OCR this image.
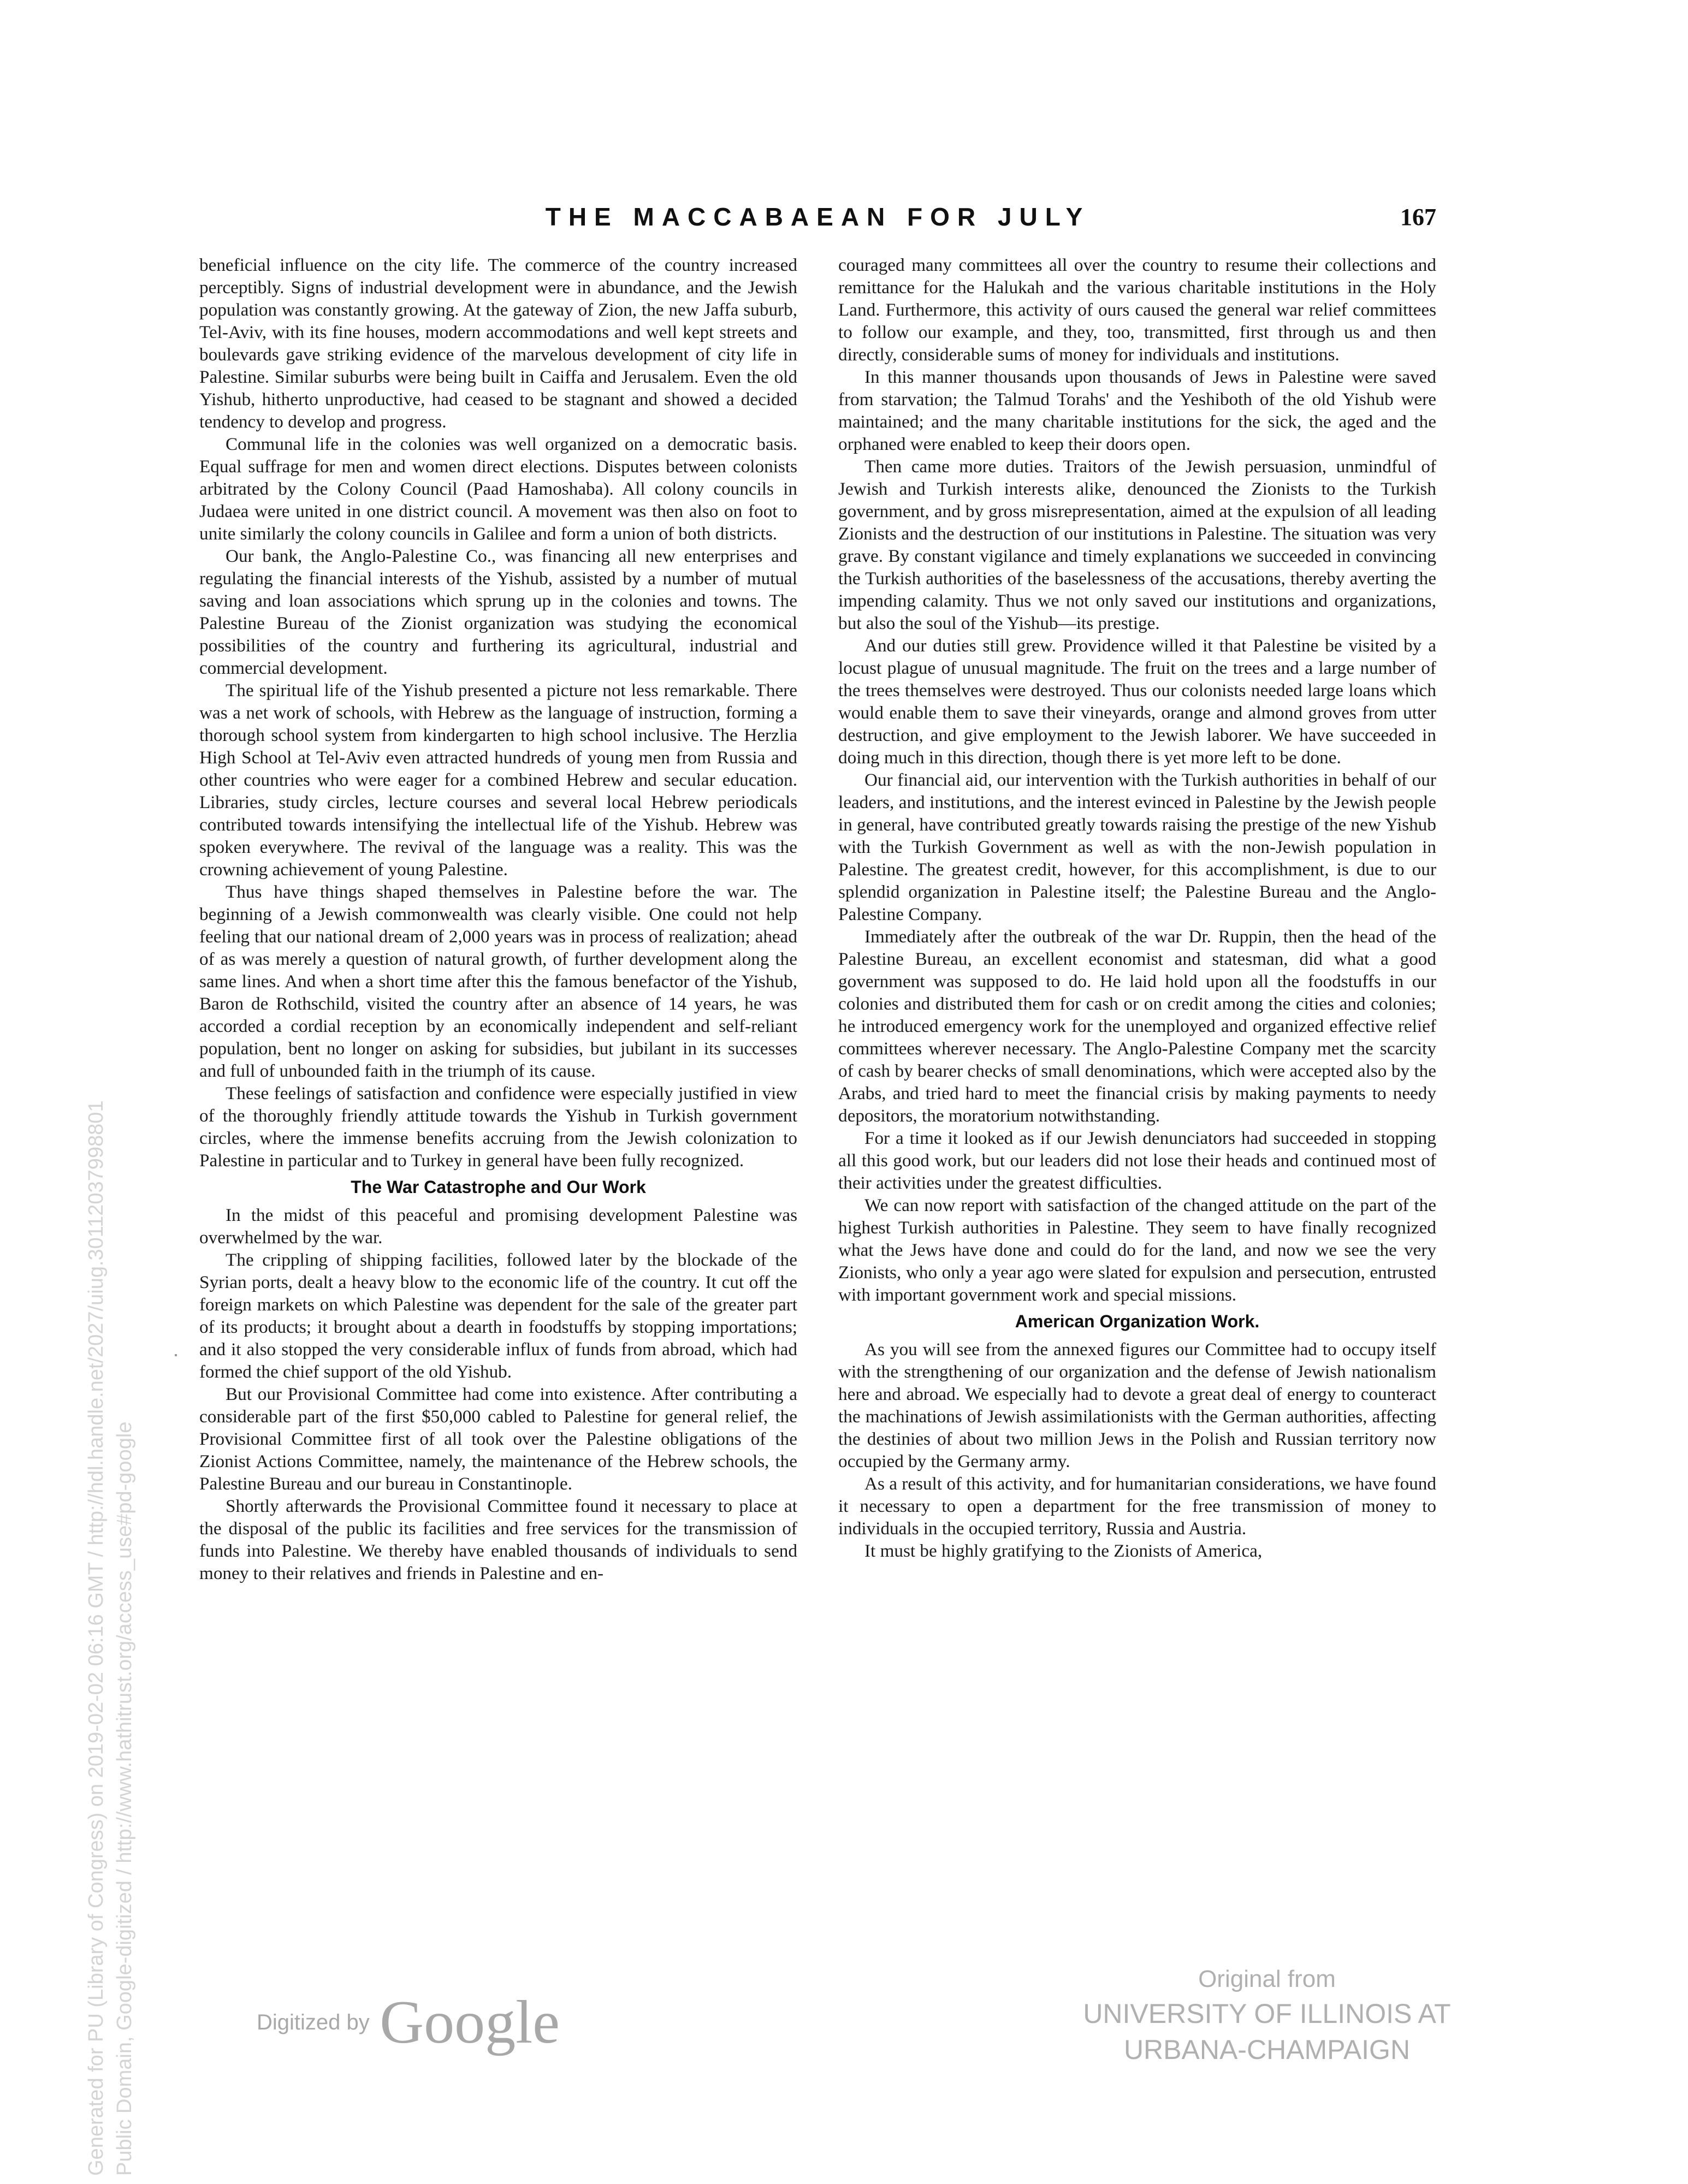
THE MACCABAEAN FOR JULY	167

beneficial influence on the city life. The commerce of the country increased perceptibly. Signs of industrial development were in abundance, and the Jewish population was constantly growing. At the gateway of Zion, the new Jaffa suburb, Tel-Aviv, with its fine houses, modern accommodations and well kept streets and boulevards gave striking evidence of the marvelous development of city life in Palestine. Similar suburbs were being built in Caiffa and Jerusalem. Even the old Yishub, hitherto unproductive, had ceased to be stagnant and showed a decided tendency to develop and progress.

Communal life in the colonies was well organized on a democratic basis. Equal suffrage for men and women direct elections. Disputes between colonists arbitrated by the Colony Council (Paad Hamoshaba). All colony councils in Judaea were united in one district council. A movement was then also on foot to unite similarly the colony councils in Galilee and form a union of both districts.

Our bank, the Anglo-Palestine Co., was financing all new enterprises and regulating the financial interests of the Yishub, assisted by a number of mutual saving and loan associations which sprung up in the colonies and towns. The Palestine Bureau of the Zionist organization was studying the economical possibilities of the country and furthering its agricultural, industrial and commercial development.

The spiritual life of the Yishub presented a picture not less remarkable. There was a net work of schools, with Hebrew as the language of instruction, forming a thorough school system from kindergarten to high school inclusive. The Herzlia High School at Tel-Aviv even attracted hundreds of young men from Russia and other countries who were eager for a combined Hebrew and secular education. Libraries, study circles, lecture courses and several local Hebrew periodicals contributed towards intensifying the intellectual life of the Yishub. Hebrew was spoken everywhere. The revival of the language was a reality. This was the crowning achievement of young Palestine.

Thus have things shaped themselves in Palestine before the war. The beginning of a Jewish commonwealth was clearly visible. One could not help feeling that our national dream of 2,000 years was in process of realization; ahead of as was merely a question of natural growth, of further development along the same lines. And when a short time after this the famous benefactor of the Yishub, Baron de Rothschild, visited the country after an absence of 14 years, he was accorded a cordial reception by an economically independent and self-reliant population, bent no longer on asking for subsidies, but jubilant in its successes and full of unbounded faith in the triumph of its cause.

These feelings of satisfaction and confidence were especially justified in view of the thoroughly friendly attitude towards the Yishub in Turkish government circles, where the immense benefits accruing from the Jewish colonization to Palestine in particular and to Turkey in general have been fully recognized.

The War Catastrophe and Our Work

In the midst of this peaceful and promising development Palestine was overwhelmed by the war.

The crippling of shipping facilities, followed later by the blockade of the Syrian ports, dealt a heavy blow to the economic life of the country. It cut off the foreign markets on which Palestine was dependent for the sale of the greater part of its products; it brought about a dearth in foodstuffs by stopping importations; and it also stopped the very considerable influx of funds from abroad, which had formed the chief support of the old Yishub.

But our Provisional Committee had come into existence. After contributing a considerable part of the first $50,000 cabled to Palestine for general relief, the Provisional Committee first of all took over the Palestine obligations of the Zionist Actions Committee, namely, the maintenance of the Hebrew schools, the Palestine Bureau and our bureau in Constantinople.

Shortly afterwards the Provisional Committee found it necessary to place at the disposal of the public its facilities and free services for the transmission of funds into Palestine. We thereby have enabled thousands of individuals to send money to their relatives and friends in Palestine and en-

couraged many committees all over the country to resume their collections and remittance for the Halukah and the various charitable institutions in the Holy Land. Furthermore, this activity of ours caused the general war relief committees to follow our example, and they, too, transmitted, first through us and then directly, considerable sums of money for individuals and institutions.

In this manner thousands upon thousands of Jews in Palestine were saved from starvation; the Talmud Torahs' and the Yeshiboth of the old Yishub were maintained; and the many charitable institutions for the sick, the aged and the orphaned were enabled to keep their doors open.

Then came more duties. Traitors of the Jewish persuasion, unmindful of Jewish and Turkish interests alike, denounced the Zionists to the Turkish government, and by gross misrepresentation, aimed at the expulsion of all leading Zionists and the destruction of our institutions in Palestine. The situation was very grave. By constant vigilance and timely explanations we succeeded in convincing the Turkish authorities of the baselessness of the accusations, thereby averting the impending calamity. Thus we not only saved our institutions and organizations, but also the soul of the Yishub—its prestige.

And our duties still grew. Providence willed it that Palestine be visited by a locust plague of unusual magnitude. The fruit on the trees and a large number of the trees themselves were destroyed. Thus our colonists needed large loans which would enable them to save their vineyards, orange and almond groves from utter destruction, and give employment to the Jewish laborer. We have succeeded in doing much in this direction, though there is yet more left to be done.

Our financial aid, our intervention with the Turkish authorities in behalf of our leaders, and institutions, and the interest evinced in Palestine by the Jewish people in general, have contributed greatly towards raising the prestige of the new Yishub with the Turkish Government as well as with the non-Jewish population in Palestine. The greatest credit, however, for this accomplishment, is due to our splendid organization in Palestine itself; the Palestine Bureau and the Anglo-Palestine Company.

Immediately after the outbreak of the war Dr. Ruppin, then the head of the Palestine Bureau, an excellent economist and statesman, did what a good government was supposed to do. He laid hold upon all the foodstuffs in our colonies and distributed them for cash or on credit among the cities and colonies; he introduced emergency work for the unemployed and organized effective relief committees wherever necessary. The Anglo-Palestine Company met the scarcity of cash by bearer checks of small denominations, which were accepted also by the Arabs, and tried hard to meet the financial crisis by making payments to needy depositors, the moratorium notwithstanding.

For a time it looked as if our Jewish denunciators had succeeded in stopping all this good work, but our leaders did not lose their heads and continued most of their activities under the greatest difficulties.

We can now report with satisfaction of the changed attitude on the part of the highest Turkish authorities in Palestine. They seem to have finally recognized what the Jews have done and could do for the land, and now we see the very Zionists, who only a year ago were slated for expulsion and persecution, entrusted with important government work and special missions.

American Organization Work.

As you will see from the annexed figures our Committee had to occupy itself with the strengthening of our organization and the defense of Jewish nationalism here and abroad. We especially had to devote a great deal of energy to counteract the machinations of Jewish assimilationists with the German authorities, affecting the destinies of about two million Jews in the Polish and Russian territory now occupied by the Germany army.

As a result of this activity, and for humanitarian considerations, we have found it necessary to open a department for the free transmission of money to individuals in the occupied territory, Russia and Austria.

It must be highly gratifying to the Zionists of America,

Generated for PU (Library of Congress) on 2019-02-02 06:16 GMT / http://hdl.handle.net/2027/uiug.30112037998801 Public Domain, Google-digitized / http://www.hathitrust.org/access_use#pd-google	Digitized by Google
Original from
UNIVERSITY OF ILLINOIS AT
URBANA-CHAMPAIGN
